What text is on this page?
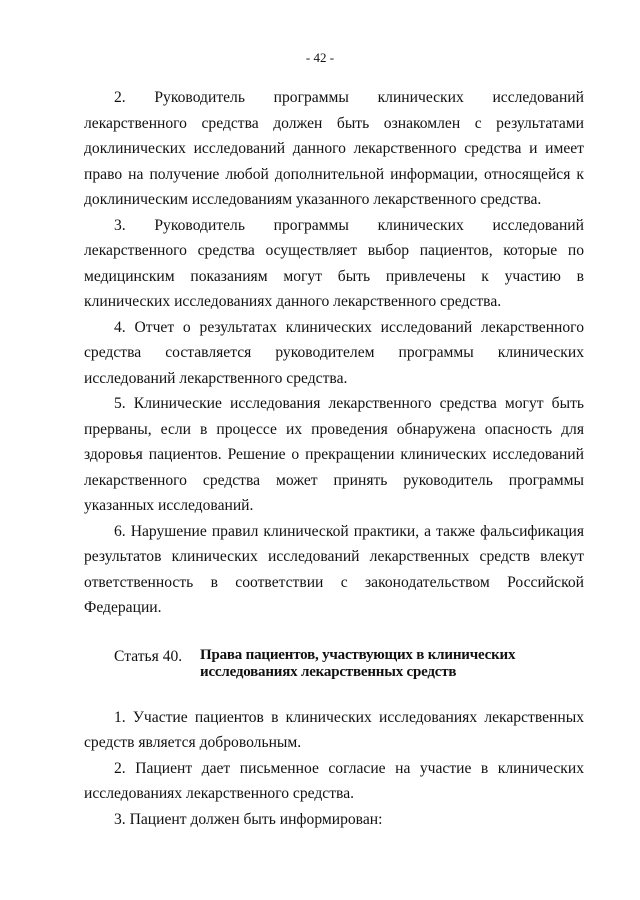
- 42 -

2. Руководитель программы клинических исследований лекарственного средства должен быть ознакомлен с результатами доклинических исследований данного лекарственного средства и имеет право на получение любой дополнительной информации, относящейся к доклиническим исследованиям указанного лекарственного средства.

3. Руководитель программы клинических исследований лекарственного средства осуществляет выбор пациентов, которые по медицинским показаниям могут быть привлечены к участию в клинических исследованиях данного лекарственного средства.

4. Отчет о результатах клинических исследований лекарственного средства составляется руководителем программы клинических исследований лекарственного средства.

5. Клинические исследования лекарственного средства могут быть прерваны, если в процессе их проведения обнаружена опасность для здоровья пациентов. Решение о прекращении клинических исследований лекарственного средства может принять руководитель программы указанных исследований.

6. Нарушение правил клинической практики, а также фальсификация результатов клинических исследований лекарственных средств влекут ответственность в соответствии с законодательством Российской Федерации.

Статья 40.	Права пациентов, участвующих в клинических исследованиях лекарственных средств

1. Участие пациентов в клинических исследованиях лекарственных средств является добровольным.

2. Пациент дает письменное согласие на участие в клинических исследованиях лекарственного средства.

3. Пациент должен быть информирован:
